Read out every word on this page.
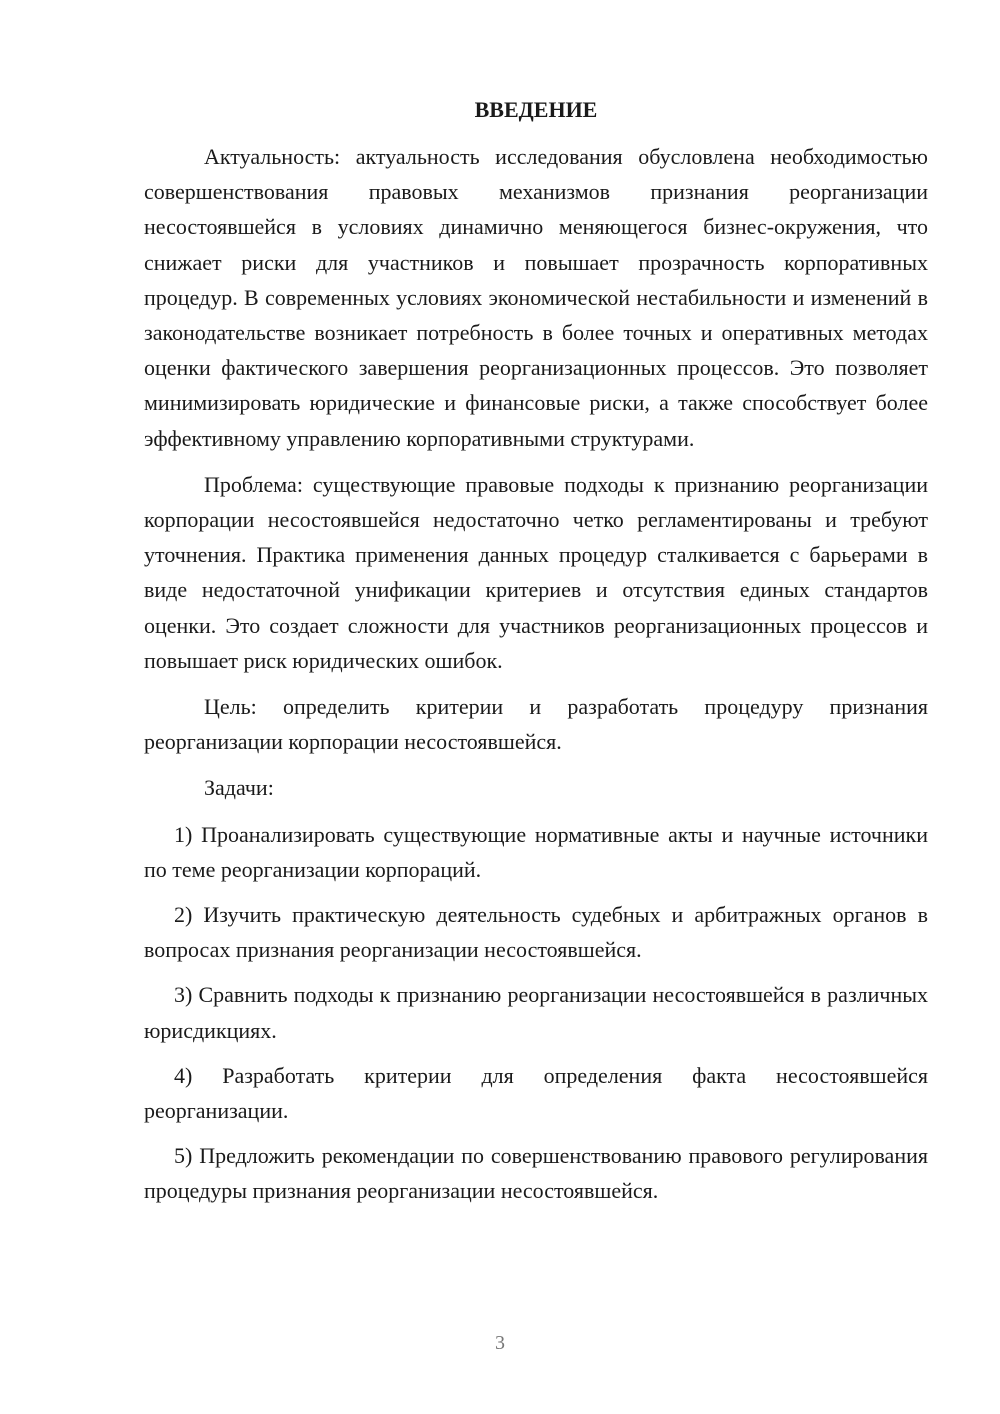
ВВЕДЕНИЕ

Актуальность: актуальность исследования обусловлена необходимостью совершенствования правовых механизмов признания реорганизации несостоявшейся в условиях динамично меняющегося бизнес-окружения, что снижает риски для участников и повышает прозрачность корпоративных процедур. В современных условиях экономической нестабильности и изменений в законодательстве возникает потребность в более точных и оперативных методах оценки фактического завершения реорганизационных процессов. Это позволяет минимизировать юридические и финансовые риски, а также способствует более эффективному управлению корпоративными структурами.

Проблема: существующие правовые подходы к признанию реорганизации корпорации несостоявшейся недостаточно четко регламентированы и требуют уточнения. Практика применения данных процедур сталкивается с барьерами в виде недостаточной унификации критериев и отсутствия единых стандартов оценки. Это создает сложности для участников реорганизационных процессов и повышает риск юридических ошибок.

Цель: определить критерии и разработать процедуру признания реорганизации корпорации несостоявшейся.

Задачи:

1) Проанализировать существующие нормативные акты и научные источники по теме реорганизации корпораций.

2) Изучить практическую деятельность судебных и арбитражных органов в вопросах признания реорганизации несостоявшейся.

3) Сравнить подходы к признанию реорганизации несостоявшейся в различных юрисдикциях.

4) Разработать критерии для определения факта несостоявшейся реорганизации.

5) Предложить рекомендации по совершенствованию правового регулирования процедуры признания реорганизации несостоявшейся.

3
